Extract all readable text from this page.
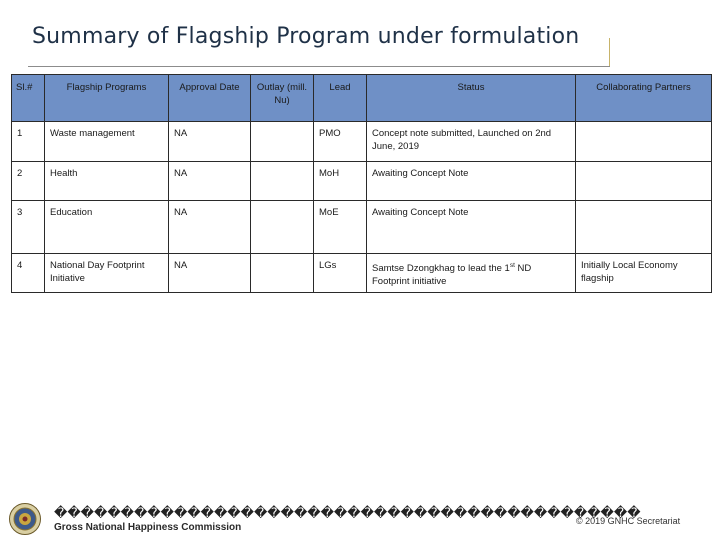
Summary of Flagship Program under formulation
Sl.#	Flagship Programs	Approval Date	Outlay (mill. Nu)	Lead	Status	Collaborating Partners
1	Waste management	NA		PMO	Concept note submitted, Launched on 2nd June, 2019	
2	Health	NA		MoH	Awaiting Concept Note	
3	Education	NA		MoE	Awaiting Concept Note	
4	National Day Footprint Initiative	NA		LGs	Samtse Dzongkhag to lead the 1st ND Footprint initiative	Initially Local Economy flagship
��������������������������������������������
Gross National Happiness Commission
© 2019 GNHC Secretariat
